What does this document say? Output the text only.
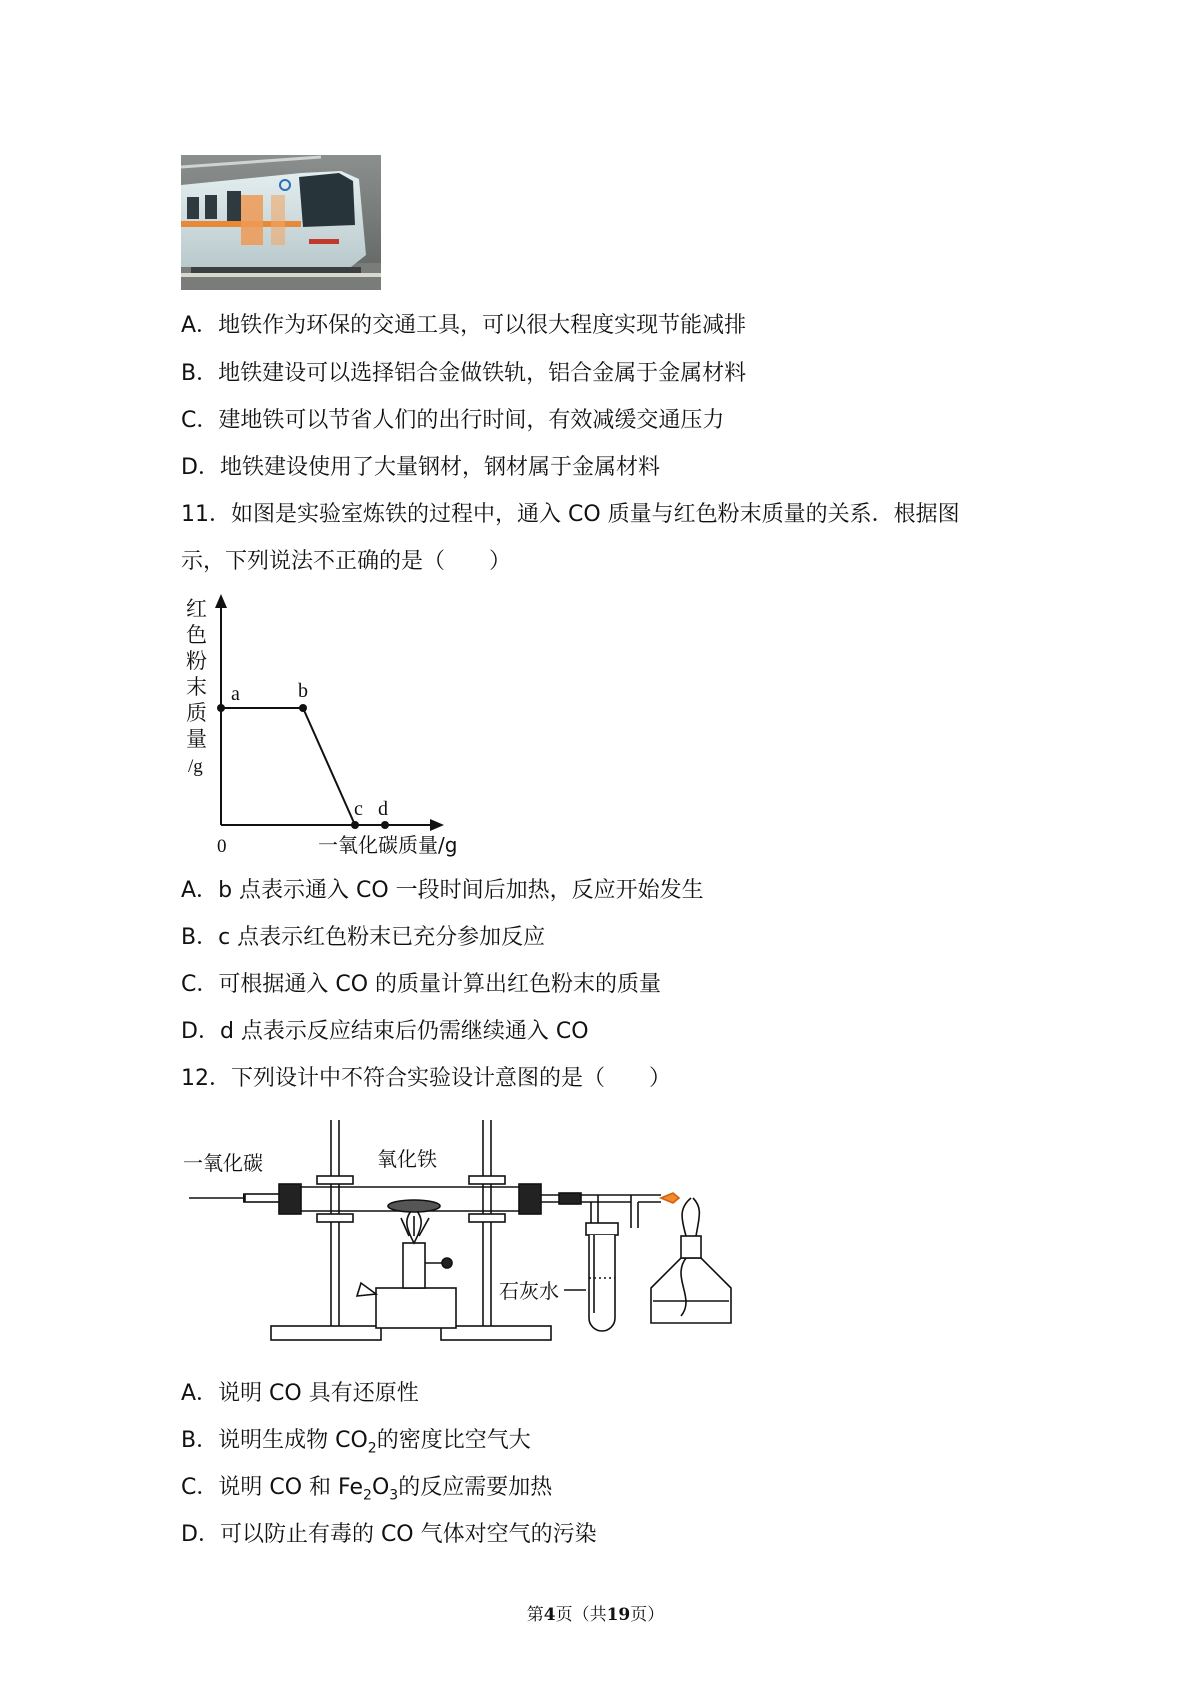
A．地铁作为环保的交通工具，可以很大程度实现节能减排
B．地铁建设可以选择铝合金做铁轨，铝合金属于金属材料
C．建地铁可以节省人们的出行时间，有效减缓交通压力
D．地铁建设使用了大量钢材，钢材属于金属材料
11．如图是实验室炼铁的过程中，通入 CO 质量与红色粉末质量的关系．根据图
示，下列说法不正确的是（　　）
a	b
c d
红
色
粉
末
质
量
/g
0	一氧化碳质量/g
A．b 点表示通入 CO 一段时间后加热，反应开始发生
B．c 点表示红色粉末已充分参加反应
C．可根据通入 CO 的质量计算出红色粉末的质量
D．d 点表示反应结束后仍需继续通入 CO
12．下列设计中不符合实验设计意图的是（　　）
一氧化碳	氧化铁
石灰水
A．说明 CO 具有还原性
B．说明生成物 $CO_2$的密度比空气大
C．说明 CO 和 $Fe_2O_3$的反应需要加热
D．可以防止有毒的 CO 气体对空气的污染
第4页（共19页）
